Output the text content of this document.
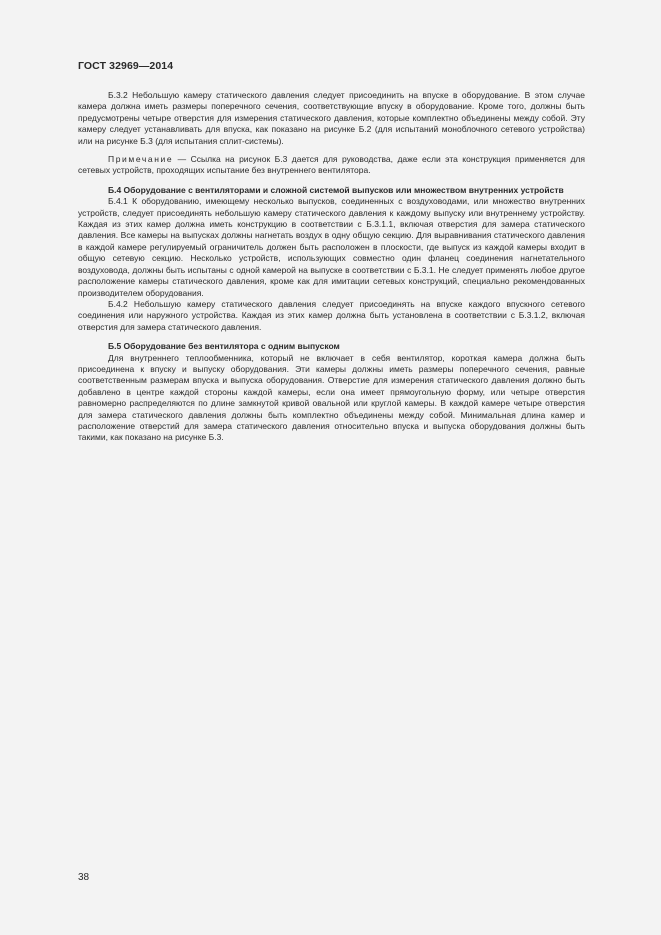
ГОСТ 32969—2014

Б.3.2 Небольшую камеру статического давления следует присоединить на впуске в оборудование. В этом случае камера должна иметь размеры поперечного сечения, соответствующие впуску в оборудование. Кроме того, должны быть предусмотрены четыре отверстия для измерения статического давления, которые комплектно объединены между собой. Эту камеру следует устанавливать для впуска, как показано на рисунке Б.2 (для испытаний моноблочного сетевого устройства) или на рисунке Б.3 (для испытания сплит-системы).

Примечание — Ссылка на рисунок Б.3 дается для руководства, даже если эта конструкция применяется для сетевых устройств, проходящих испытание без внутреннего вентилятора.

Б.4 Оборудование с вентиляторами и сложной системой выпусков или множеством внутренних устройств

Б.4.1 К оборудованию, имеющему несколько выпусков, соединенных с воздуховодами, или множество внутренних устройств, следует присоединять небольшую камеру статического давления к каждому выпуску или внутреннему устройству. Каждая из этих камер должна иметь конструкцию в соответствии с Б.3.1.1, включая отверстия для замера статического давления. Все камеры на выпусках должны нагнетать воздух в одну общую секцию. Для выравнивания статического давления в каждой камере регулируемый ограничитель должен быть расположен в плоскости, где выпуск из каждой камеры входит в общую сетевую секцию. Несколько устройств, использующих совместно один фланец соединения нагнетательного воздуховода, должны быть испытаны с одной камерой на выпуске в соответствии с Б.3.1. Не следует применять любое другое расположение камеры статического давления, кроме как для имитации сетевых конструкций, специально рекомендованных производителем оборудования.

Б.4.2 Небольшую камеру статического давления следует присоединять на впуске каждого впускного сетевого соединения или наружного устройства. Каждая из этих камер должна быть установлена в соответствии с Б.3.1.2, включая отверстия для замера статического давления.

Б.5 Оборудование без вентилятора с одним выпуском

Для внутреннего теплообменника, который не включает в себя вентилятор, короткая камера должна быть присоединена к впуску и выпуску оборудования. Эти камеры должны иметь размеры поперечного сечения, равные соответственным размерам впуска и выпуска оборудования. Отверстие для измерения статического давления должно быть добавлено в центре каждой стороны каждой камеры, если она имеет прямоугольную форму, или четыре отверстия равномерно распределяются по длине замкнутой кривой овальной или круглой камеры. В каждой камере четыре отверстия для замера статического давления должны быть комплектно объединены между собой. Минимальная длина камер и расположение отверстий для замера статического давления относительно впуска и выпуска оборудования должны быть такими, как показано на рисунке Б.3.

38
